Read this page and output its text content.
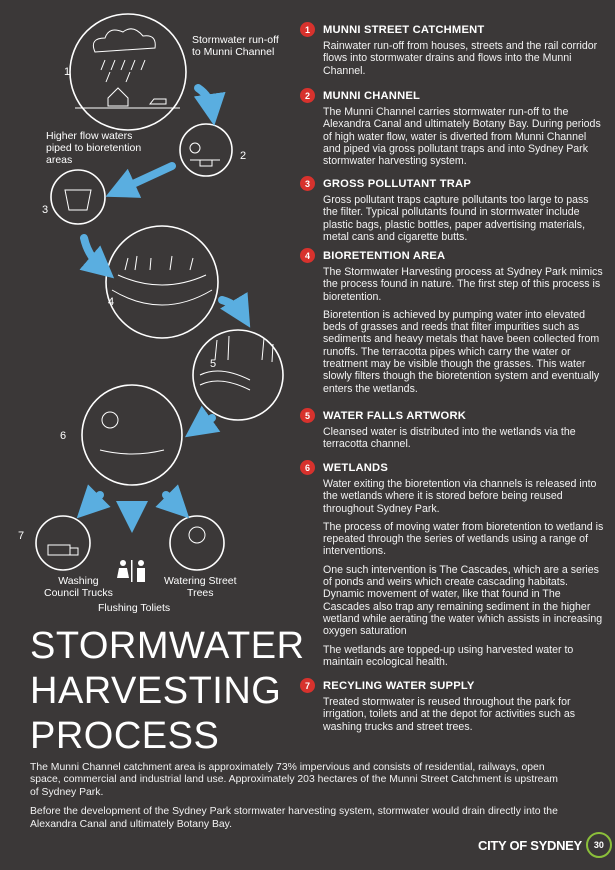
Stormwater run-off
to Munni Channel
Higher flow waters
piped to bioretention
areas
Washing
Council Trucks
Flushing Toliets
Watering Street
Trees
1
2
3
4
5
6
7
1	MUNNI STREET CATCHMENT

Rainwater run-off from houses, streets and the rail corridor flows into stormwater drains and flows into the Munni Channel.

2	MUNNI CHANNEL

The Munni Channel carries stormwater run-off to the Alexandra Canal and ultimately Botany Bay. During periods of high water flow, water is diverted from Munni Channel and piped via gross pollutant traps and into Sydney Park stormwater harvesting system.

3	GROSS POLLUTANT TRAP

Gross pollutant traps capture pollutants too large to pass the filter. Typical pollutants found in stormwater include plastic bags, plastic bottles, paper advertising materials, metal cans and cigarette butts.

4	BIORETENTION AREA

The Stormwater Harvesting process at Sydney Park mimics the process found in nature. The first step of this process is bioretention.

Bioretention is achieved by pumping water into elevated beds of grasses and reeds that filter impurities such as sediments and heavy metals that have been collected from runoffs. The terracotta pipes which carry the water or treatment may be visible though the grasses. This water slowly filters though the bioretention system and eventually enters the wetlands.

5	WATER FALLS ARTWORK

Cleansed water is distributed into the wetlands via the terracotta channel.

6	WETLANDS

Water exiting the bioretention via channels is released into the wetlands where it is stored before being reused throughout Sydney Park.

The process of moving water from bioretention to wetland is repeated through the series of wetlands using a range of interventions.

One such intervention is The Cascades, which are a series of ponds and weirs which create cascading habitats. Dynamic movement of water, like that found in The Cascades also trap any remaining sediment in the higher wetland while aerating the water which assists in increasing oxygen saturation

The wetlands are topped-up using harvested water to maintain ecological health.

7	RECYLING WATER SUPPLY

Treated stormwater is reused throughout the park for irrigation, toilets and at the depot for activities such as washing trucks and street trees.

STORMWATER
HARVESTING
PROCESS

The Munni Channel catchment area is approximately 73% impervious and consists of residential, railways, open space, commercial and industrial land use. Approximately 203 hectares of the Munni Street Catchment is upstream of Sydney Park.

Before the development of the Sydney Park stormwater harvesting system, stormwater would drain directly into the Alexandra Canal and ultimately Botany Bay.

CITY OF SYDNEY	30
